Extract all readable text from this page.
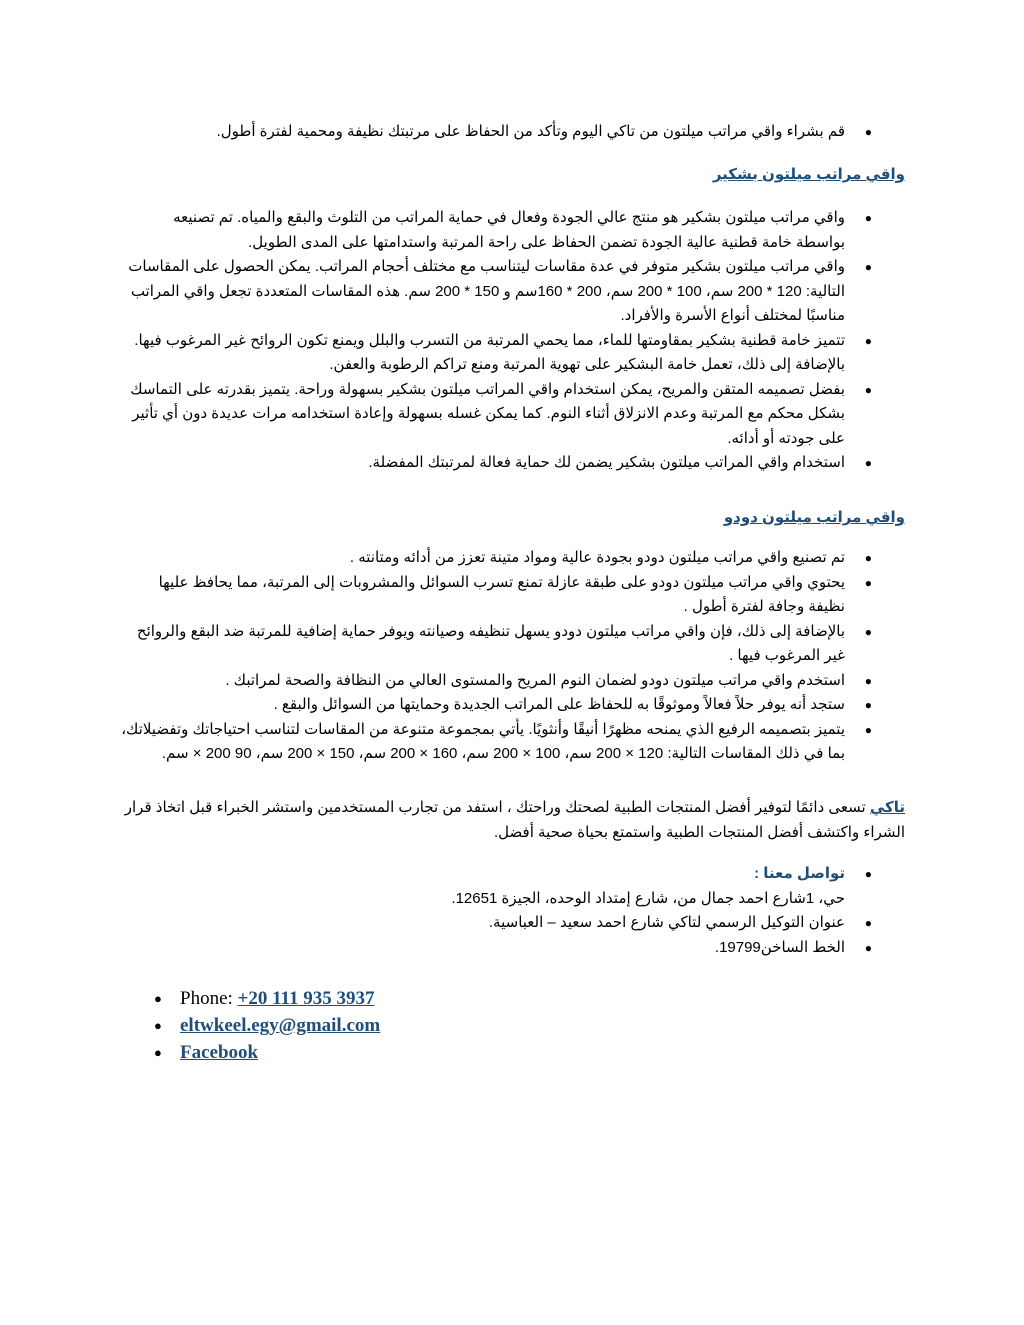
●
قم بشراء واقي مراتب ميلتون من تاكي اليوم وتأكد من الحفاظ على مرتبتك نظيفة ومحمية لفترة أطول.
واقي مراتب ميلتون بشكير
●
واقي مراتب ميلتون بشكير هو منتج عالي الجودة وفعال في حماية المراتب من التلوث والبقع والمياه. تم تصنيعه بواسطة خامة قطنية عالية الجودة تضمن الحفاظ على راحة المرتبة واستدامتها على المدى الطويل.
●
واقي مراتب ميلتون بشكير متوفر في عدة مقاسات ليتناسب مع مختلف أحجام المراتب. يمكن الحصول على المقاسات التالية: 120 * 200 سم، 100 * 200 سم، 200 * 160سم و 150 * 200 سم. هذه المقاسات المتعددة تجعل واقي المراتب مناسبًا لمختلف أنواع الأسرة والأفراد.
●
تتميز خامة قطنية بشكير بمقاومتها للماء، مما يحمي المرتبة من التسرب والبلل ويمنع تكون الروائح غير المرغوب فيها. بالإضافة إلى ذلك، تعمل خامة البشكير على تهوية المرتبة ومنع تراكم الرطوبة والعفن.
●
بفضل تصميمه المتقن والمريح، يمكن استخدام واقي المراتب ميلتون بشكير بسهولة وراحة. يتميز بقدرته على التماسك بشكل محكم مع المرتبة وعدم الانزلاق أثناء النوم. كما يمكن غسله بسهولة وإعادة استخدامه مرات عديدة دون أي تأثير على جودته أو أدائه.
●
استخدام واقي المراتب ميلتون بشكير يضمن لك حماية فعالة لمرتبتك المفضلة.
واقي مراتب ميلتون دودو
●
تم تصنيع واقي مراتب ميلتون دودو بجودة عالية ومواد متينة تعزز من أدائه ومتانته .
●
يحتوي واقي مراتب ميلتون دودو على طبقة عازلة تمنع تسرب السوائل والمشروبات إلى المرتبة، مما يحافظ عليها نظيفة وجافة لفترة أطول .
●
بالإضافة إلى ذلك، فإن واقي مراتب ميلتون دودو يسهل تنظيفه وصيانته ويوفر حماية إضافية للمرتبة ضد البقع والروائح غير المرغوب فيها .
●
استخدم واقي مراتب ميلتون دودو لضمان النوم المريح والمستوى العالي من النظافة والصحة لمراتبك .
●
ستجد أنه يوفر حلاً فعالاً وموثوقًا به للحفاظ على المراتب الجديدة وحمايتها من السوائل والبقع .
●
يتميز بتصميمه الرفيع الذي يمنحه مظهرًا أنيقًا وأنثويًا. يأتي بمجموعة متنوعة من المقاسات لتناسب احتياجاتك وتفضيلاتك، بما في ذلك المقاسات التالية: 120 × 200 سم، 100 × 200 سم، 160 × 200 سم، 150 × 200 سم، 90 200 × سم.
تاكي تسعى دائمًا لتوفير أفضل المنتجات الطبية لصحتك وراحتك ، استفد من تجارب المستخدمين واستشر الخبراء قبل اتخاذ قرار الشراء واكتشف أفضل المنتجات الطبية واستمتع بحياة صحية أفضل.
●
تواصل معنا :
حي، 1شارع احمد جمال من، شارع إمتداد الوحده، الجيزة 12651.
●
عنوان التوكيل الرسمي لتاكي شارع احمد سعيد – العباسية.
●
الخط الساخن19799.
● Phone: +20 111 935 3937
● eltwkeel.egy@gmail.com
● Facebook
